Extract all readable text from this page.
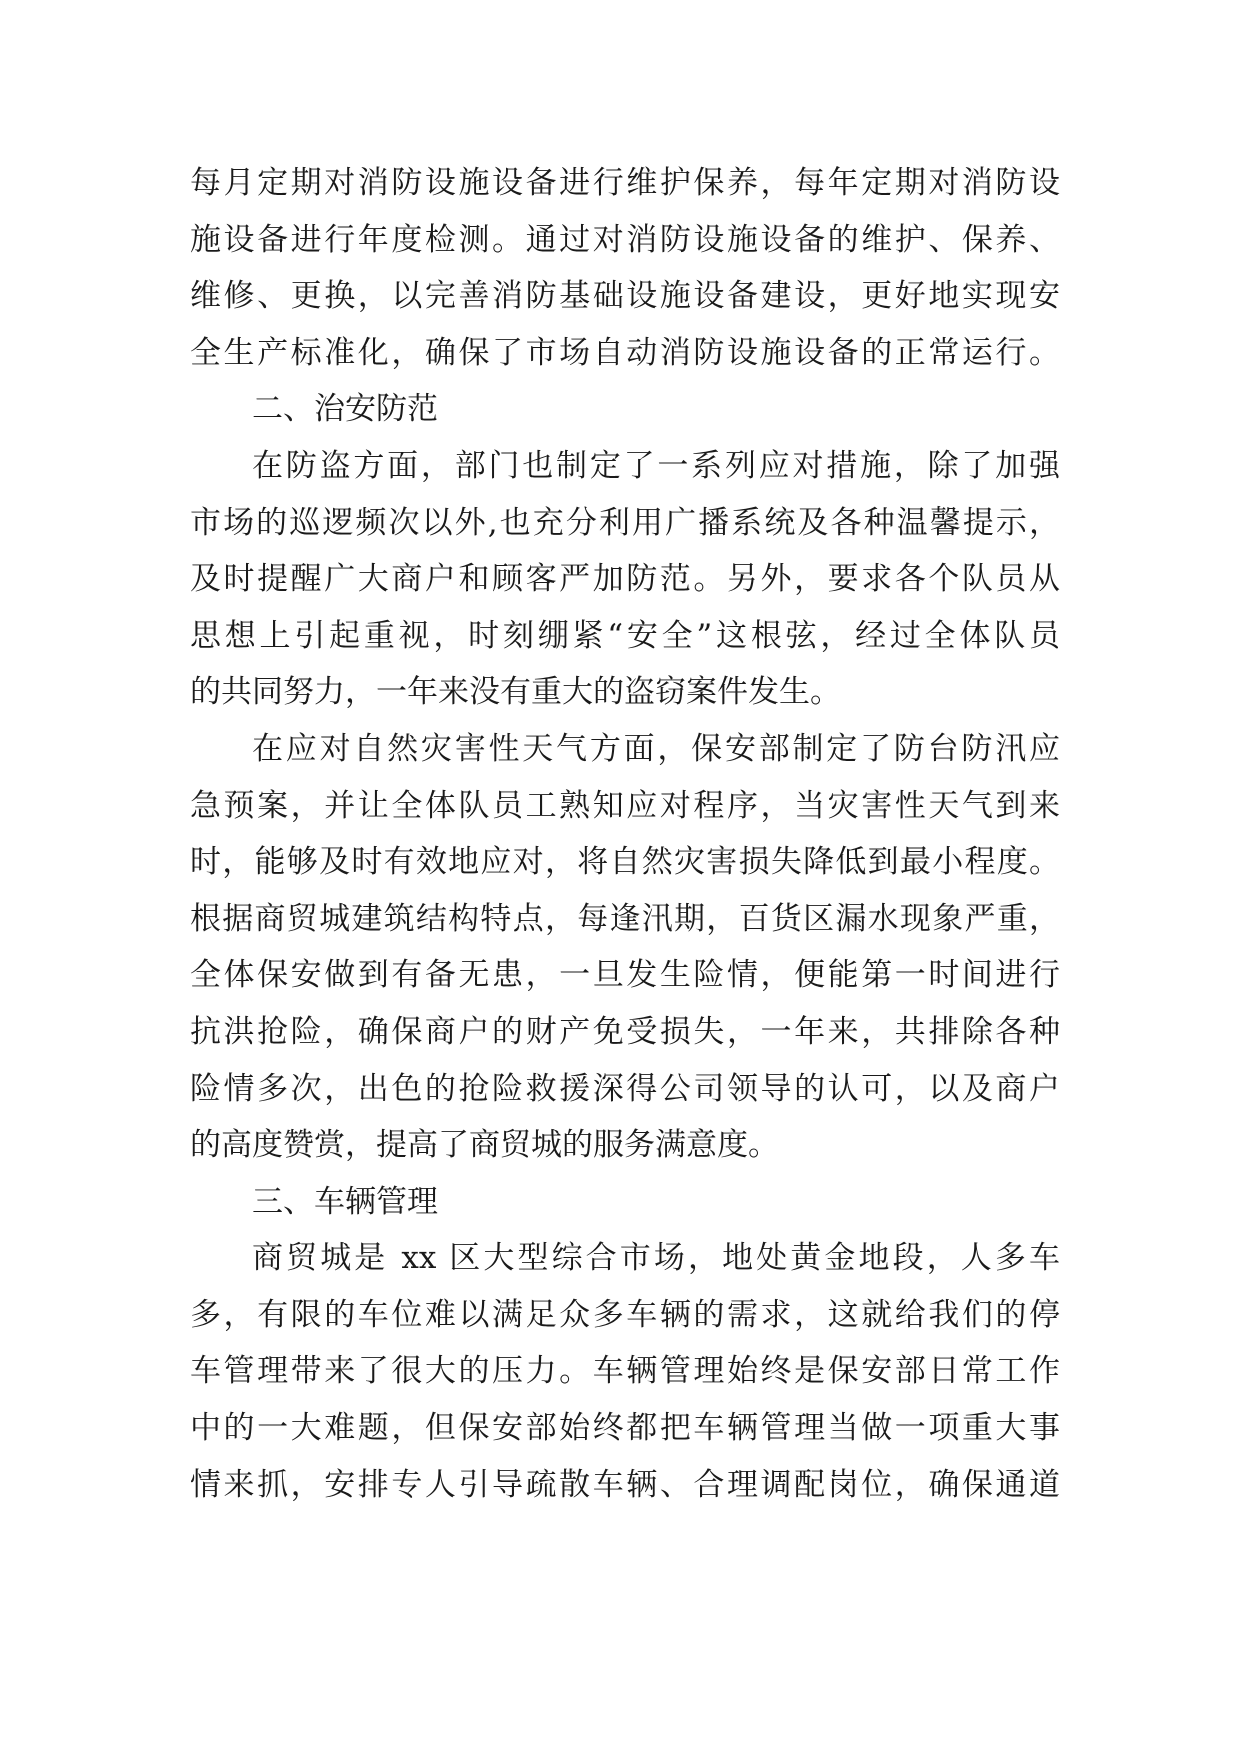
每月定期对消防设施设备进行维护保养，每年定期对消防设
施设备进行年度检测。通过对消防设施设备的维护、保养、
维修、更换，以完善消防基础设施设备建设，更好地实现安
全生产标准化，确保了市场自动消防设施设备的正常运行。
二、治安防范
在防盗方面，部门也制定了一系列应对措施，除了加强
市场的巡逻频次以外,也充分利用广播系统及各种温馨提示，
及时提醒广大商户和顾客严加防范。另外，要求各个队员从
思想上引起重视，时刻绷紧“安全”这根弦，经过全体队员
的共同努力，一年来没有重大的盗窃案件发生。
在应对自然灾害性天气方面，保安部制定了防台防汛应
急预案，并让全体队员工熟知应对程序，当灾害性天气到来
时，能够及时有效地应对，将自然灾害损失降低到最小程度。
根据商贸城建筑结构特点，每逢汛期，百货区漏水现象严重，
全体保安做到有备无患，一旦发生险情，便能第一时间进行
抗洪抢险，确保商户的财产免受损失，一年来，共排除各种
险情多次，出色的抢险救援深得公司领导的认可，以及商户
的高度赞赏，提高了商贸城的服务满意度。
三、车辆管理
商贸城是 xx 区大型综合市场，地处黄金地段，人多车
多，有限的车位难以满足众多车辆的需求，这就给我们的停
车管理带来了很大的压力。车辆管理始终是保安部日常工作
中的一大难题，但保安部始终都把车辆管理当做一项重大事
情来抓，安排专人引导疏散车辆、合理调配岗位，确保通道
